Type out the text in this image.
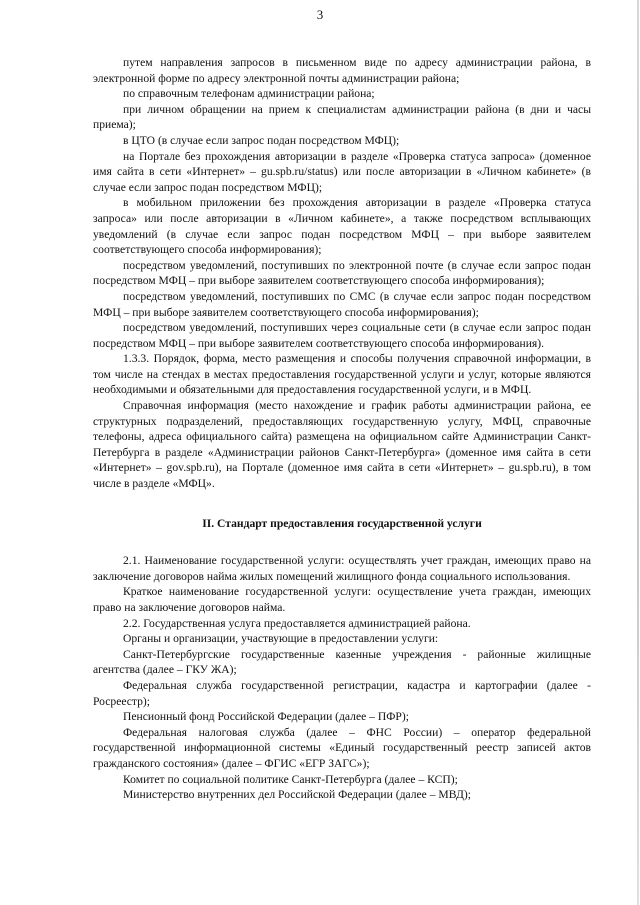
3

путем направления запросов в письменном виде по адресу администрации района, в электронной форме по адресу электронной почты администрации района;

по справочным телефонам администрации района;

при личном обращении на прием к специалистам администрации района (в дни и часы приема);

в ЦТО (в случае если запрос подан посредством МФЦ);

на Портале без прохождения авторизации в разделе «Проверка статуса запроса» (доменное имя сайта в сети «Интернет» – gu.spb.ru/status) или после авторизации в «Личном кабинете» (в случае если запрос подан посредством МФЦ);

в мобильном приложении без прохождения авторизации в разделе «Проверка статуса запроса» или после авторизации в «Личном кабинете», а также посредством всплывающих уведомлений (в случае если запрос подан посредством МФЦ – при выборе заявителем соответствующего способа информирования);

посредством уведомлений, поступивших по электронной почте (в случае если запрос подан посредством МФЦ – при выборе заявителем соответствующего способа информирования);

посредством уведомлений, поступивших по СМС (в случае если запрос подан посредством МФЦ – при выборе заявителем соответствующего способа информирования);

посредством уведомлений, поступивших через социальные сети (в случае если запрос подан посредством МФЦ – при выборе заявителем соответствующего способа информирования).

1.3.3. Порядок, форма, место размещения и способы получения справочной информации, в том числе на стендах в местах предоставления государственной услуги и услуг, которые являются необходимыми и обязательными для предоставления государственной услуги, и в МФЦ.

Справочная информация (место нахождение и график работы администрации района, ее структурных подразделений, предоставляющих государственную услугу, МФЦ, справочные телефоны, адреса официального сайта) размещена на официальном сайте Администрации Санкт-Петербурга в разделе «Администрации районов Санкт-Петербурга» (доменное имя сайта в сети «Интернет» – gov.spb.ru), на Портале (доменное имя сайта в сети «Интернет» – gu.spb.ru), в том числе в разделе «МФЦ».

II. Стандарт предоставления государственной услуги

2.1. Наименование государственной услуги: осуществлять учет граждан, имеющих право на заключение договоров найма жилых помещений жилищного фонда социального использования.

Краткое наименование государственной услуги: осуществление учета граждан, имеющих право на заключение договоров найма.

2.2. Государственная услуга предоставляется администрацией района.

Органы и организации, участвующие в предоставлении услуги:

Санкт-Петербургские государственные казенные учреждения - районные жилищные агентства (далее – ГКУ ЖА);

Федеральная служба государственной регистрации, кадастра и картографии (далее - Росреестр);

Пенсионный фонд Российской Федерации (далее – ПФР);

Федеральная налоговая служба (далее – ФНС России) – оператор федеральной государственной информационной системы «Единый государственный реестр записей актов гражданского состояния» (далее – ФГИС «ЕГР ЗАГС»);

Комитет по социальной политике Санкт-Петербурга (далее – КСП);

Министерство внутренних дел Российской Федерации (далее – МВД);
